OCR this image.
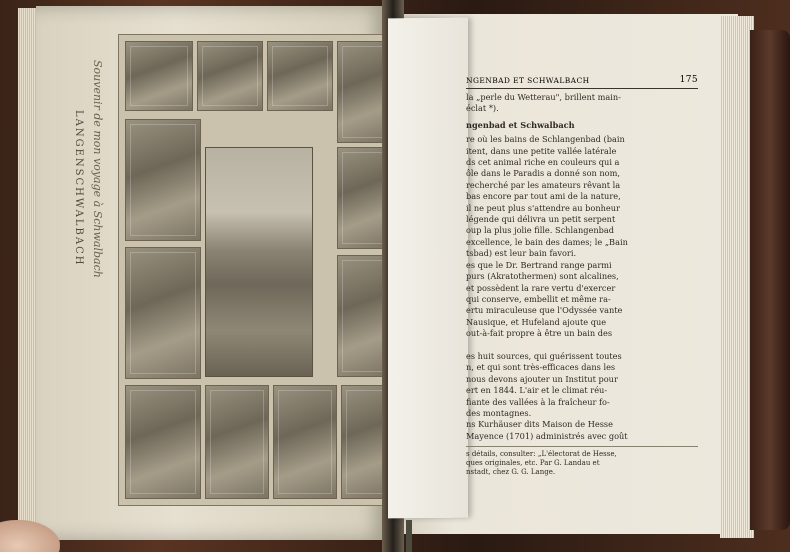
LANGENSCHWALBACH Souvenir de mon voyage à Schwalbach	NGENBAD ET SCHWALBACH	175

la „perle du Wetterau", brillent main-

éclat *).

ngenbad et Schwalbach

re où les bains de Schlangenbad (bain

itent, dans une petite vallée latérale

ds cet animal riche en couleurs qui a

ôle dans le Paradis a donné son nom,

recherché par les amateurs rêvant la

bas encore par tout ami de la nature,

il ne peut plus s'attendre au bonheur

légende qui délivra un petit serpent

oup la plus jolie fille. Schlangenbad

excellence, le bain des dames; le „Bain

tsbad) est leur bain favori.

es que le Dr. Bertrand range parmi

purs (Akratothermen) sont alcalines,

et possèdent la rare vertu d'exercer

qui conserve, embellit et même ra-

ertu miraculeuse que l'Odyssée vante

Nausique, et Hufeland ajoute que

out-à-fait propre à être un bain des

es huit sources, qui guérissent toutes

n, et qui sont très-efficaces dans les

nous devons ajouter un Institut pour

ert en 1844. L'air et le climat réu-

fiante des vallées à la fraîcheur fo-

des montagnes.

ns Kurhäuser dits Maison de Hesse

Mayence (1701) administrés avec goût

s détails, consulter: „L'électorat de Hesse,

ques originales, etc. Par G. Landau et

nstadt, chez G. G. Lange.
